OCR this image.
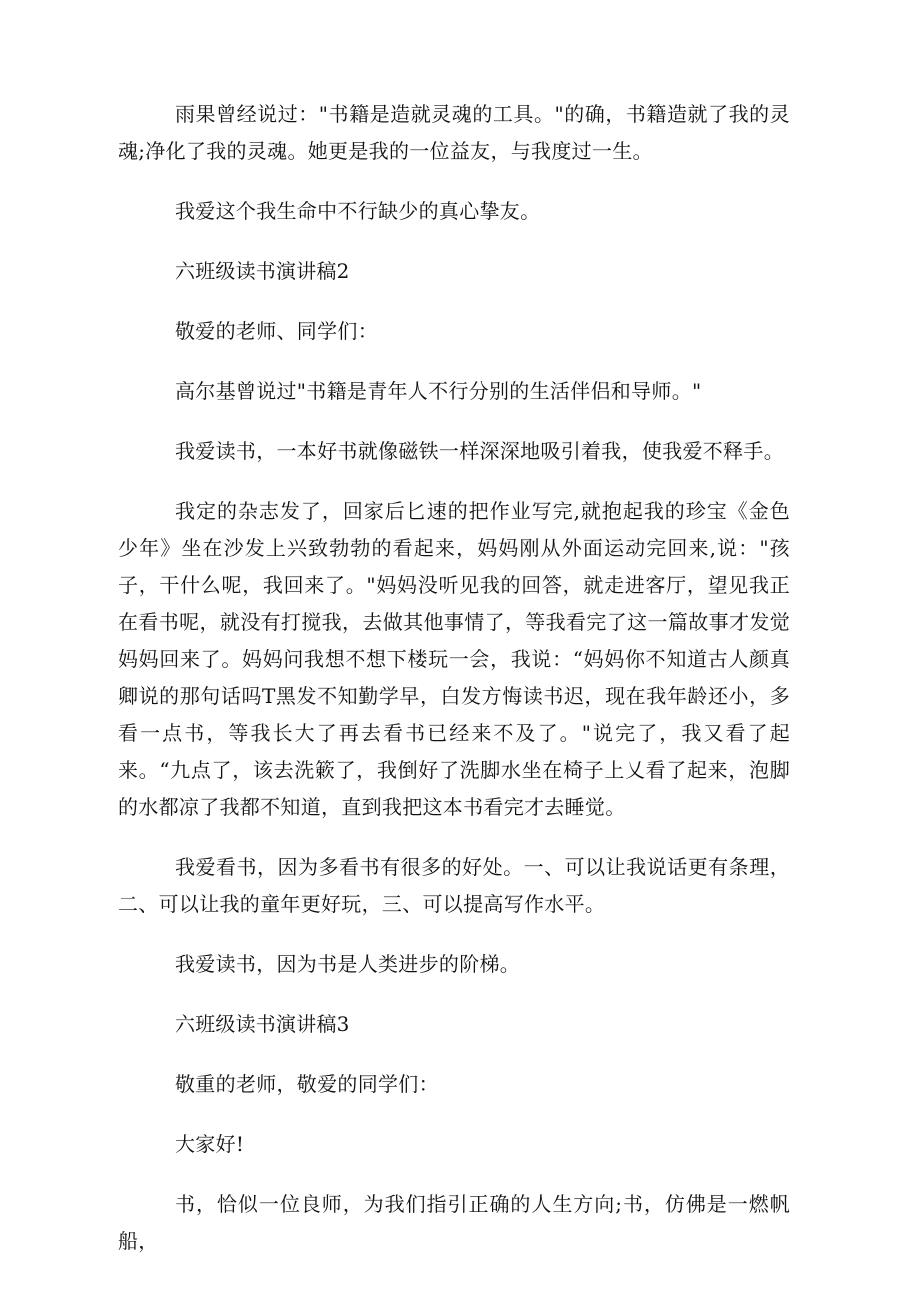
雨果曾经说过："书籍是造就灵魂的工具。"的确，书籍造就了我的灵魂;净化了我的灵魂。她更是我的一位益友，与我度过一生。

我爱这个我生命中不行缺少的真心挚友。

六班级读书演讲稿2

敬爱的老师、同学们：

高尔基曾说过"书籍是青年人不行分别的生活伴侣和导师。"

我爱读书，一本好书就像磁铁一样深深地吸引着我，使我爱不释手。

我定的杂志发了，回家后匕速的把作业写完,就抱起我的珍宝《金色少年》坐在沙发上兴致勃勃的看起来，妈妈刚从外面运动完回来,说："孩子，干什么呢，我回来了。"妈妈没听见我的回答，就走进客厅，望见我正在看书呢，就没有打搅我，去做其他事情了，等我看完了这一篇故事才发觉妈妈回来了。妈妈问我想不想下楼玩一会，我说：“妈妈你不知道古人颜真卿说的那句话吗T黑发不知勤学早，白发方悔读书迟，现在我年龄还小，多看一点书，等我长大了再去看书已经来不及了。"说完了，我又看了起来。“九点了，该去洗簌了，我倒好了洗脚水坐在椅子上乂看了起来，泡脚的水都凉了我都不知道，直到我把这本书看完才去睡觉。

我爱看书，因为多看书有很多的好处。一、可以让我说话更有条理，二、可以让我的童年更好玩，三、可以提高写作水平。

我爱读书，因为书是人类进步的阶梯。

六班级读书演讲稿3

敬重的老师，敬爱的同学们：

大家好!

书，恰似一位良师，为我们指引正确的人生方向;书，仿佛是一燃帆船，
